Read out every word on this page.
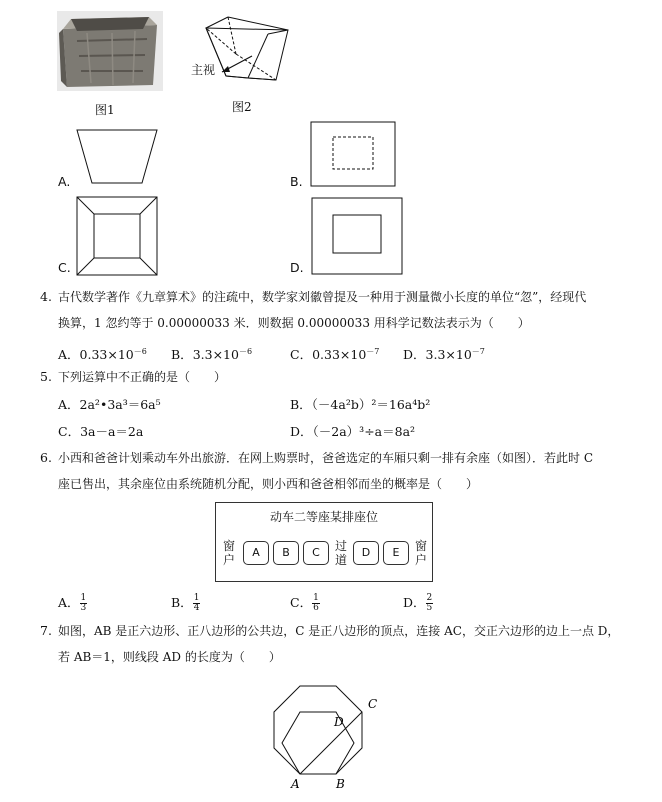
图1
主视
图2
A.	B.
C.	D.
4. 古代数学著作《九章算术》的注疏中，数学家刘徽曾提及一种用于测量微小长度的单位“忽”，经现代
换算，1 忽约等于 0.00000033 米．则数据 0.00000033 用科学记数法表示为（　　）
A．$0.33\times 10^{-6}$ B．$3.3\times 10^{-6}$	C．$0.33\times 10^{-7}$ D．$3.3\times 10^{-7}$
5. 下列运算中不正确的是（　　）
A．2a²•3a³＝6a⁵	B．（－4a²b）²＝16a⁴b²
C．3a－a＝2a	D．（－2a）³÷a＝8a²
6. 小西和爸爸计划乘动车外出旅游．在网上购票时，爸爸选定的车厢只剩一排有余座（如图）．若此时 C
座已售出，其余座位由系统随机分配，则小西和爸爸相邻而坐的概率是（　　）
动车二等座某排座位
窗户
A	B	C	过道
D	E	窗户
A． $\frac{1}{3}$	B． $\frac{1}{4}$	C． $\frac{1}{6}$	D． $\frac{2}{5}$
7. 如图，AB 是正六边形、正八边形的公共边，C 是正八边形的顶点，连接 AC，交正六边形的边上一点 D，
若 AB＝1，则线段 AD 的长度为（　　）
A	B
C
D
